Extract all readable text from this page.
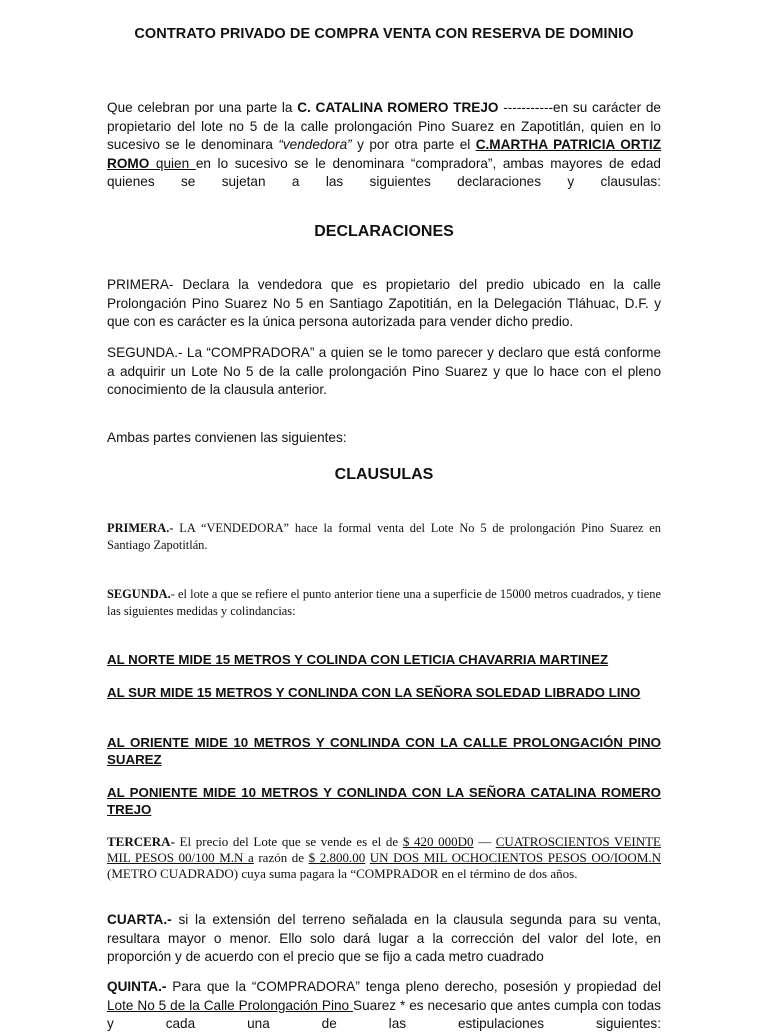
CONTRATO PRIVADO DE COMPRA VENTA CON RESERVA DE DOMINIO
Que celebran por una parte la C. CATALINA ROMERO TREJO -----------en su carácter de propietario del lote no 5 de la calle prolongación Pino Suarez en Zapotitlán, quien en lo sucesivo se le denominara “vendedora” y por otra parte el C.MARTHA PATRICIA ORTIZ ROMO quien en lo sucesivo se le denominara “compradora”, ambas mayores de edad quienes se sujetan a las siguientes declaraciones y clausulas:
DECLARACIONES
PRIMERA- Declara la vendedora que es propietario del predio ubicado en la calle Prolongación Pino Suarez No 5 en Santiago Zapotitián, en la Delegación Tláhuac, D.F. y que con es carácter es la única persona autorizada para vender dicho predio.
SEGUNDA.- La “COMPRADORA” a quien se le tomo parecer y declaro que está conforme a adquirir un Lote No 5 de la calle prolongación Pino Suarez y que lo hace con el pleno conocimiento de la clausula anterior.
Ambas partes convienen las siguientes:
CLAUSULAS
PRIMERA.- LA “VENDEDORA” hace la formal venta del Lote No 5 de prolongación Pino Suarez en Santiago Zapotitlán.
SEGUNDA.- el lote a que se refiere el punto anterior tiene una a superficie de 15000 metros cuadrados, y tiene las siguientes medidas y colindancias:
AL NORTE MIDE 15 METROS Y COLINDA CON LETICIA CHAVARRIA MARTINEZ
AL SUR MIDE 15 METROS Y CONLINDA CON LA SEÑORA SOLEDAD LIBRADO LINO
AL ORIENTE MIDE 10 METROS Y CONLINDA CON LA CALLE PROLONGACIÓN PINO SUAREZ
AL PONIENTE MIDE 10 METROS Y CONLINDA CON LA SEÑORA CATALINA ROMERO TREJO
TERCERA- El precio del Lote que se vende es el de $ 420 000D0 — CUATROSCIENTOS VEINTE MIL PESOS 00/100 M.N a razón de $ 2.800.00 UN DOS MIL OCHOCIENTOS PESOS OO/IOOM.N (METRO CUADRADO) cuya suma pagara la “COMPRADOR en el término de dos años.
CUARTA.- si la extensión del terreno señalada en la clausula segunda para su venta, resultara mayor o menor. Ello solo dará lugar a la corrección del valor del lote, en proporción y de acuerdo con el precio que se fijo a cada metro cuadrado
QUINTA.- Para que la “COMPRADORA” tenga pleno derecho, posesión y propiedad del Lote No 5 de la Calle Prolongación Pino Suarez * es necesario que antes cumpla con todas y cada una de las estipulaciones siguientes:
